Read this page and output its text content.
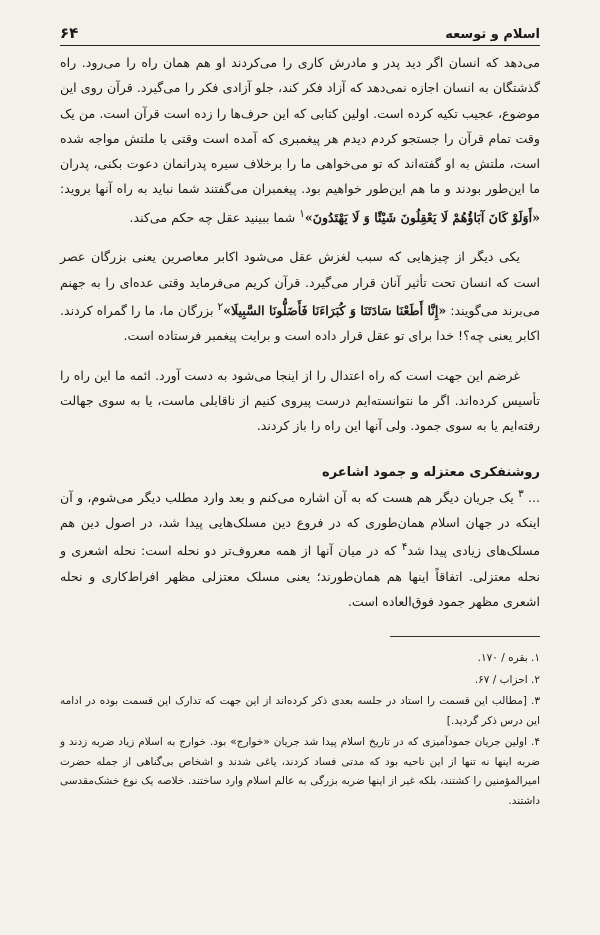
اسلام و توسعه
۶۴

می‌دهد که انسان اگر دید پدر و مادرش کاری را می‌کردند او هم همان راه را می‌رود. راه گذشتگان به انسان اجازه نمی‌دهد که آزاد فکر کند، جلو آزادی فکر را می‌گیرد. قرآن روی این موضوع، عجیب تکیه کرده است. اولین کتابی که این حرف‌ها را زده است قرآن است. من یک وقت تمام قرآن را جستجو کردم دیدم هر پیغمبری که آمده است وقتی با ملتش مواجه شده است، ملتش به او گفته‌اند که تو می‌خواهی ما را برخلاف سیره پدرانمان دعوت بکنی، پدران ما این‌طور بودند و ما هم این‌طور خواهیم بود. پیغمبران می‌گفتند شما نباید به راه آنها بروید: «أَوَلَوْ كَانَ آبَاؤُهُمْ لَا يَعْقِلُونَ شَيْئًا وَ لَا يَهْتَدُونَ»$^۱$ شما ببینید عقل چه حکم می‌کند.

یکی دیگر از چیزهایی که سبب لغزش عقل می‌شود اکابر معاصرین یعنی بزرگان عصر است که انسان تحت تأثیر آنان قرار می‌گیرد. قرآن کریم می‌فرماید وقتی عده‌ای را به جهنم می‌برند می‌گویند: «إِنَّا أَطَعْنَا سَادَتَنَا وَ كُبَرَاءَنَا فَأَضَلُّونَا السَّبِيلَا»$^۲$ بزرگان ما، ما را گمراه کردند. اکابر یعنی چه؟! خدا برای تو عقل قرار داده است و برایت پیغمبر فرستاده است.

غرضم این جهت است که راه اعتدال را از اینجا می‌شود به دست آورد. ائمه ما این راه را تأسیس کرده‌اند. اگر ما نتوانسته‌ایم درست پیروی کنیم از ناقابلی ماست، یا به سوی جهالت رفته‌ایم یا به سوی جمود. ولی آنها این راه را باز کردند.

روشنفکری معتزله و جمود اشاعره

... $^۳$ یک جریان دیگر هم هست که به آن اشاره می‌کنم و بعد وارد مطلب دیگر می‌شوم، و آن اینکه در جهان اسلام همان‌طوری که در فروع دین مسلک‌هایی پیدا شد، در اصول دین هم مسلک‌های زیادی پیدا شد$^۴$ که در میان آنها از همه معروف‌تر دو نحله است: نحله اشعری و نحله معتزلی. اتفاقاً اینها هم همان‌طورند؛ یعنی مسلک معتزلی مظهر افراط‌کاری و نحله اشعری مظهر جمود فوق‌العاده است.

۱. بقره / ۱۷۰.

۲. احزاب / ۶۷.

۳. [مطالب این قسمت را استاد در جلسه بعدی ذکر کرده‌اند از این جهت که تدارک این قسمت بوده در ادامه این درس ذکر گردید.]

۴. اولین جریان جمودآمیزی که در تاریخ اسلام پیدا شد جریان «خوارج» بود. خوارج به اسلام زیاد ضربه زدند و ضربه اینها نه تنها از این ناحیه بود که مدتی فساد کردند، یاغی شدند و اشخاص بی‌گناهی از جمله حضرت امیرالمؤمنین را کشتند، بلکه غیر از اینها ضربه بزرگی به عالم اسلام وارد ساختند. خلاصه یک نوع خشک‌مقدسی داشتند.
